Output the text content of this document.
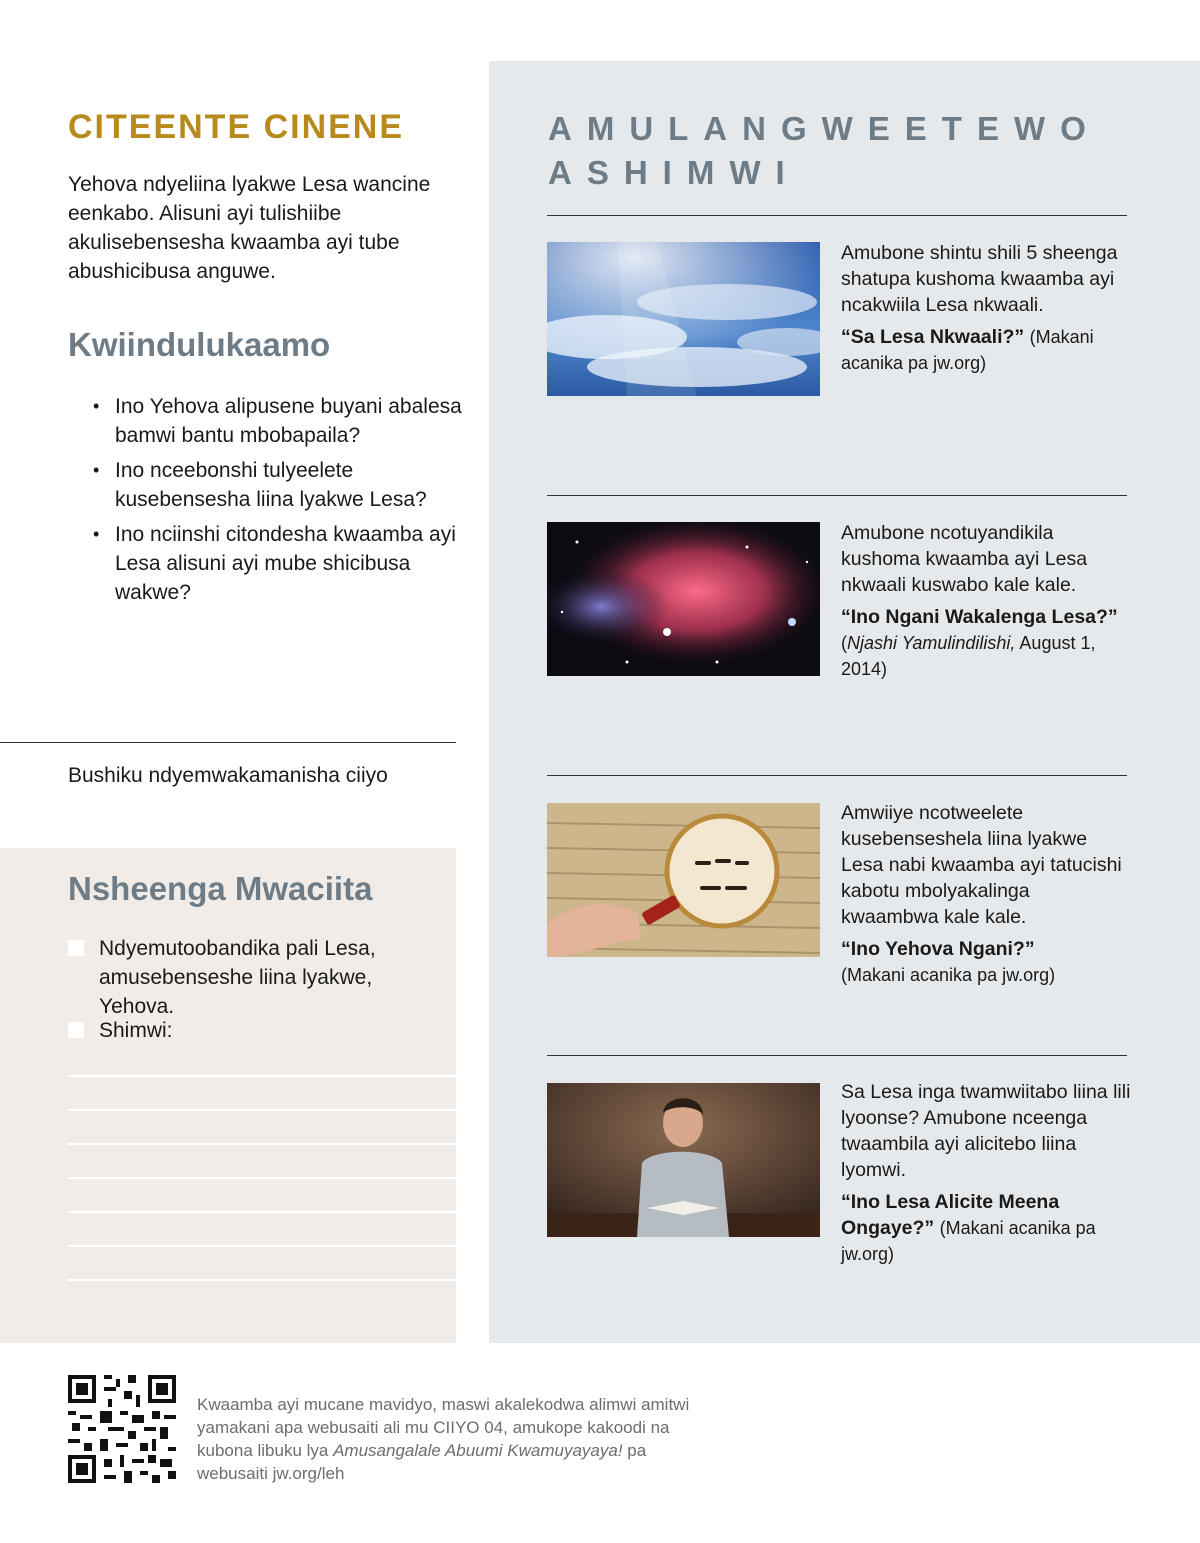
CITEENTE CINENE
Yehova ndyeliina lyakwe Lesa wancine eenkabo. Alisuni ayi tulishiibe akulisebensesha kwaamba ayi tube abushicibusa anguwe.
Kwiindulukaamo
• Ino Yehova alipusene buyani abalesa bamwi bantu mbobapaila?
• Ino nceebonshi tulyeelete kusebensesha liina lyakwe Lesa?
• Ino nciinshi citondesha kwaamba ayi Lesa alisuni ayi mube shicibusa wakwe?
Bushiku ndyemwakamanisha ciiyo
Nsheenga Mwaciita
Ndyemutoobandika pali Lesa, amusebenseshe liina lyakwe, Yehova.
Shimwi:
AMULANGWEETEWO ASHIMWI
Amubone shintu shili 5 sheenga shatupa kushoma kwaamba ayi ncakwiila Lesa nkwaali.
“Sa Lesa Nkwaali?” (Makani acanika pa jw.org)
Amubone ncotuyandikila kushoma kwaamba ayi Lesa nkwaali kuswabo kale kale.
“Ino Ngani Wakalenga Lesa?”
(Njashi Yamulindilishi, August 1, 2014)
Amwiiye ncotweelete kusebenseshela liina lyakwe Lesa nabi kwaamba ayi tatucishi kabotu mbolyakalinga kwaambwa kale kale.
“Ino Yehova Ngani?”
(Makani acanika pa jw.org)
Sa Lesa inga twamwiitabo liina lili lyoonse? Amubone nceenga twaambila ayi alicitebo liina lyomwi.
“Ino Lesa Alicite Meena Ongaye?” (Makani acanika pa jw.org)
Kwaamba ayi mucane mavidyo, maswi akalekodwa alimwi amitwi yamakani apa webusaiti ali mu CIIYO 04, amukope kakoodi na kubona libuku lya Amusangalale Abuumi Kwamuyayaya! pa webusaiti jw.org/leh
